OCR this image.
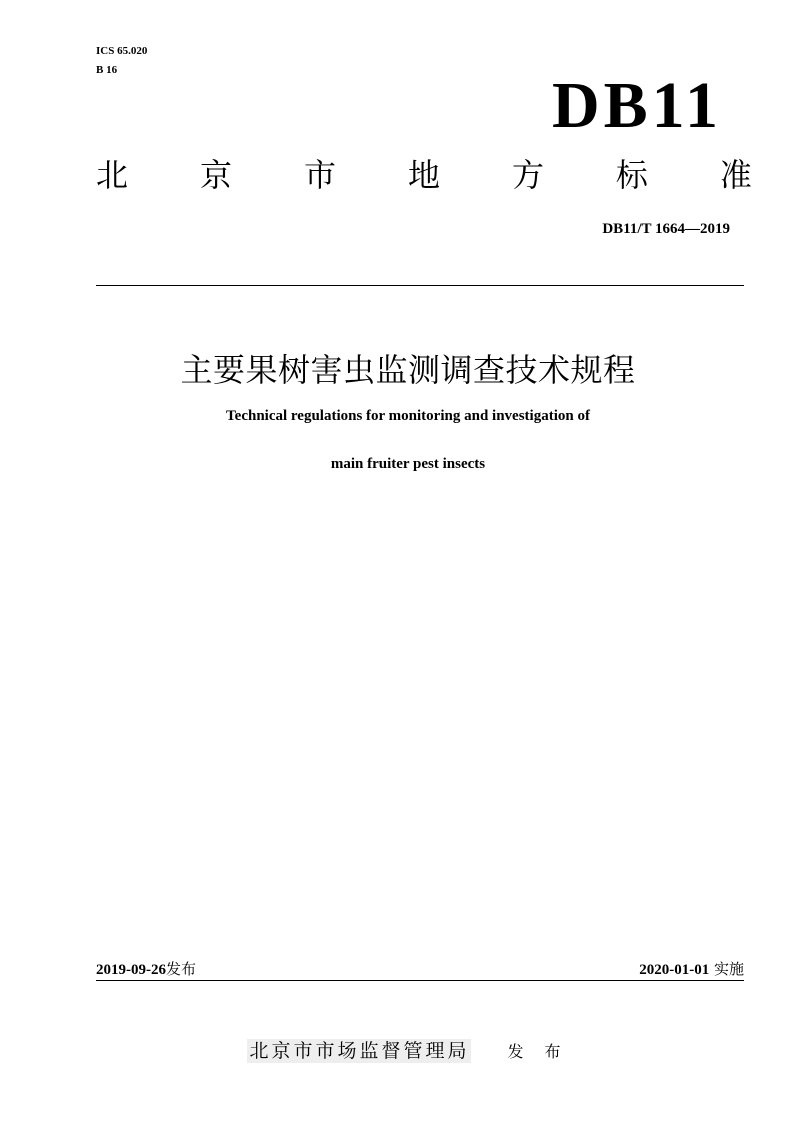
ICS 65.020
B 16	DB11
北 京 市 地 方 标 准
DB11/T 1664—2019
主要果树害虫监测调查技术规程
Technical regulations for monitoring and investigation of
main fruiter pest insects
2019-09-26发布	2020-01-01 实施
北京市市场监督管理局 发 布
